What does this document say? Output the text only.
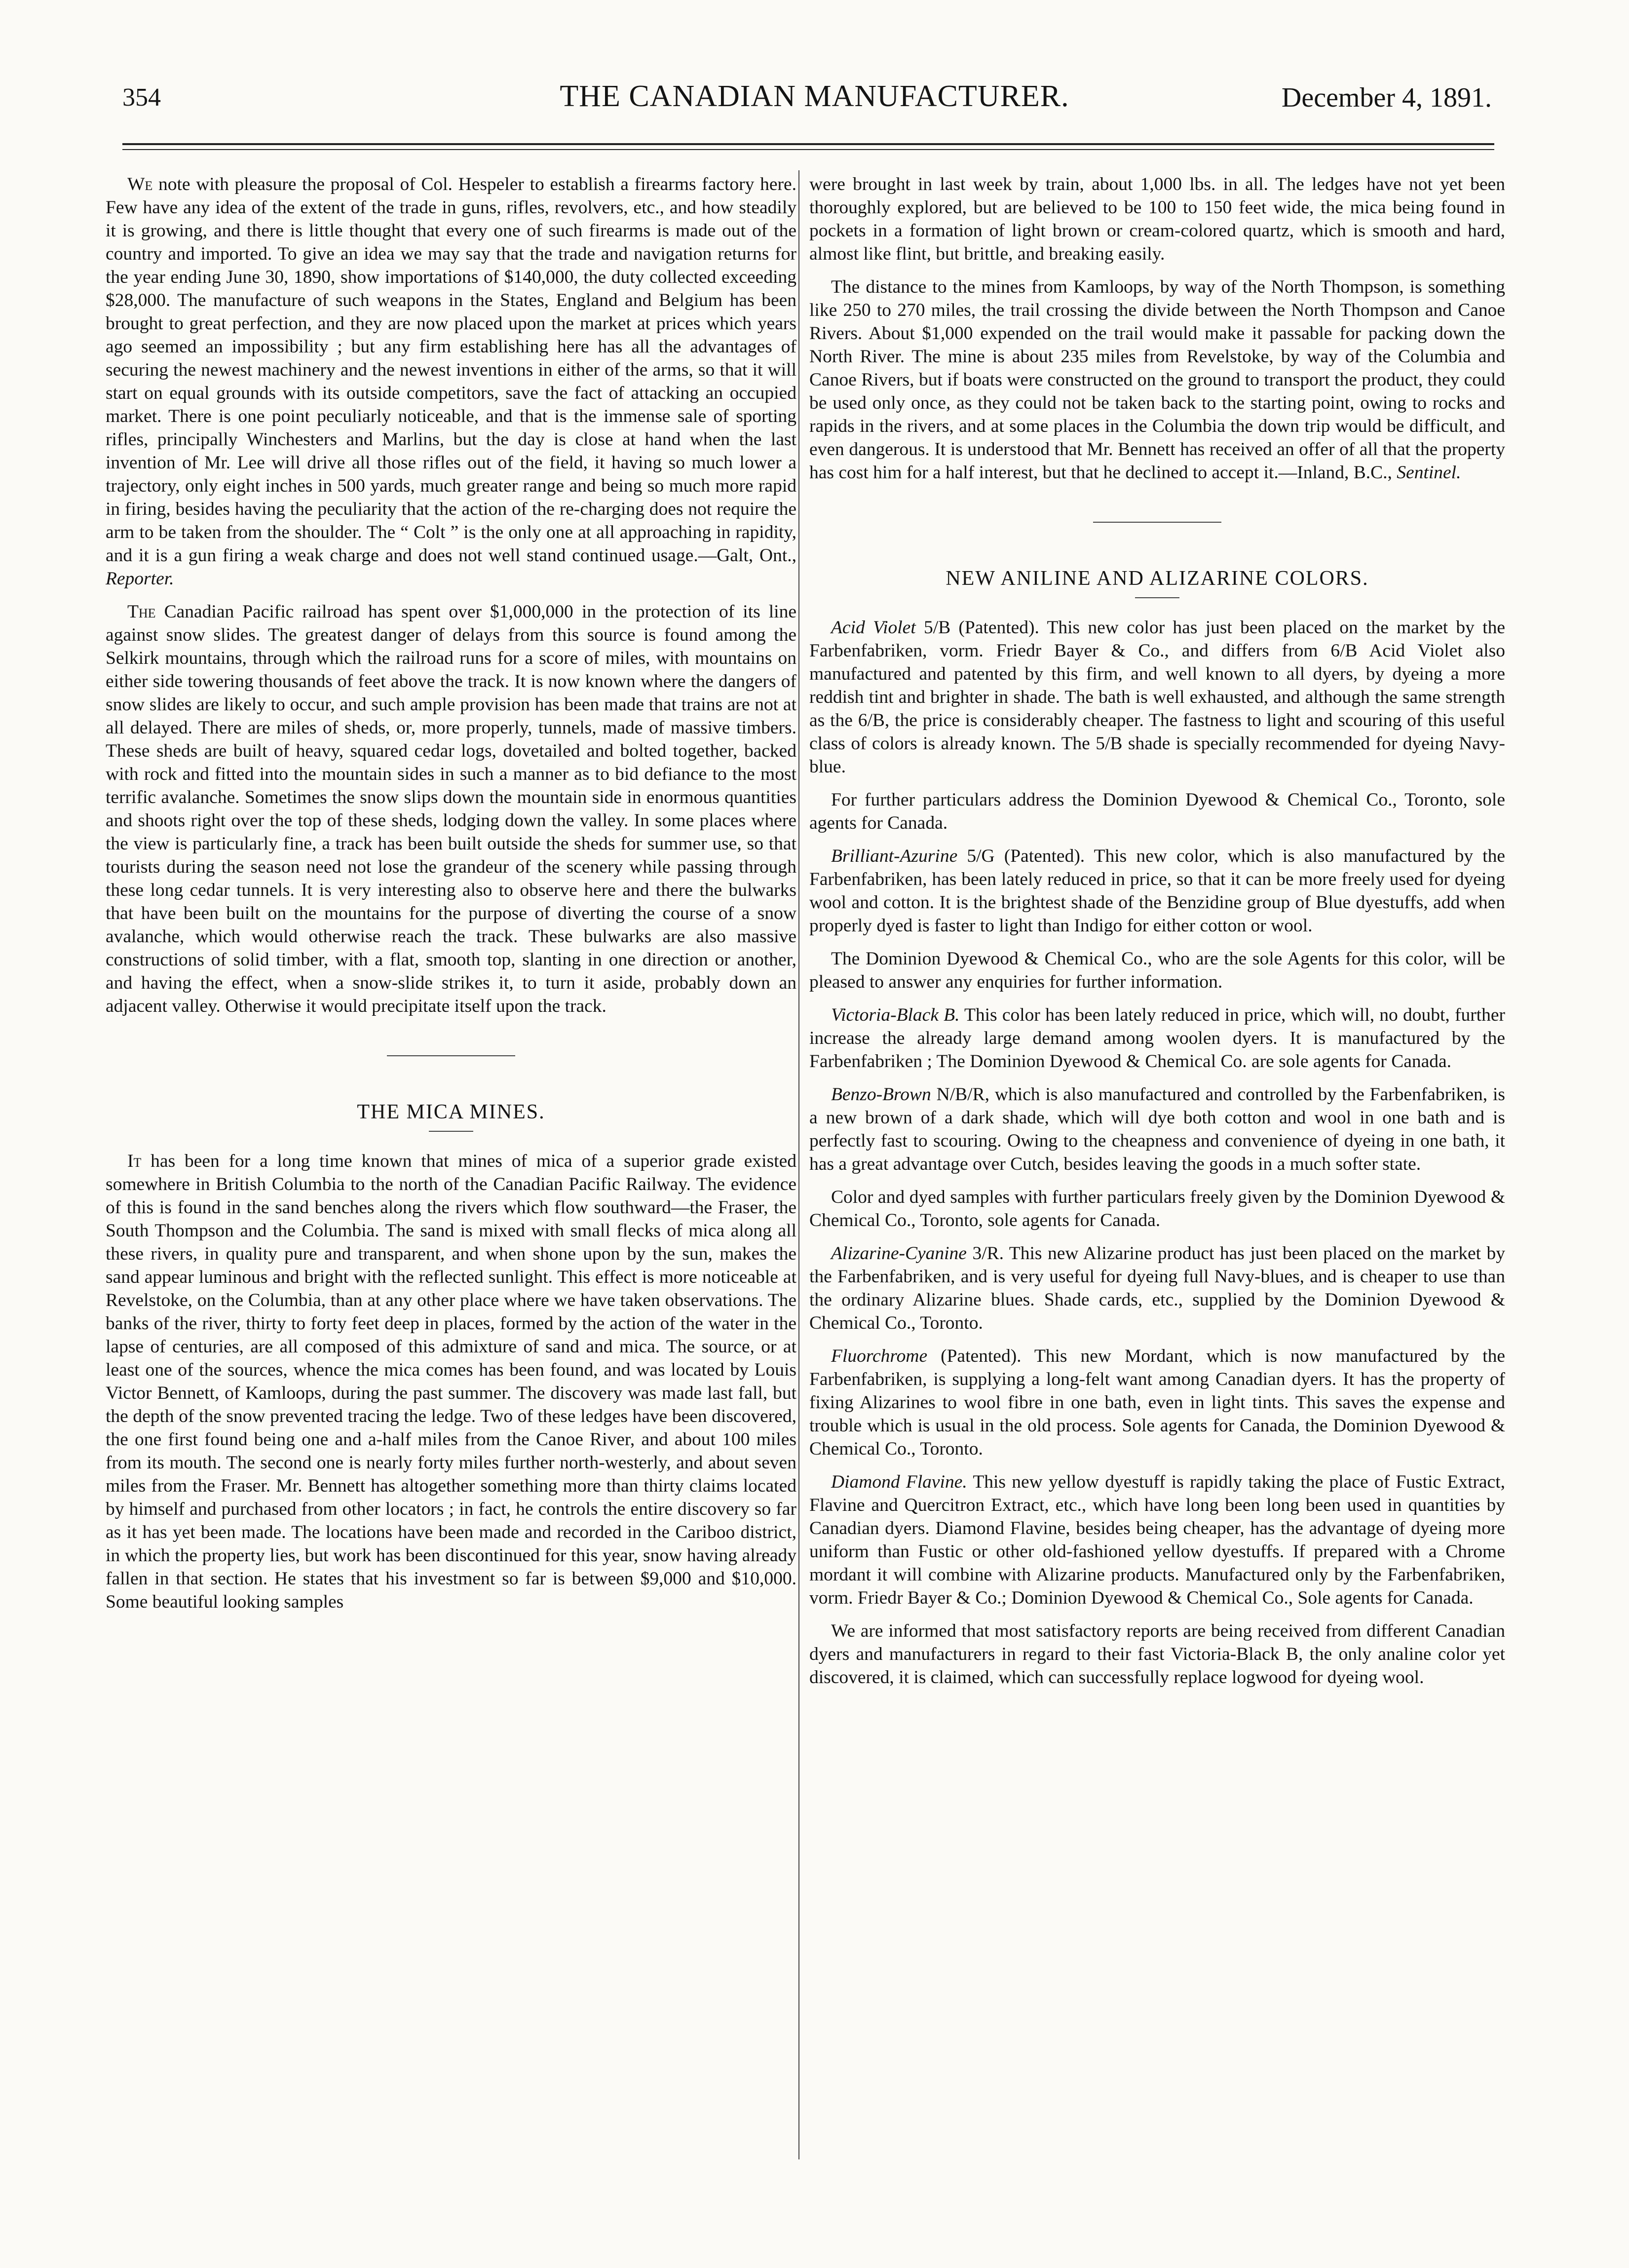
354	THE CANADIAN MANUFACTURER.	December 4, 1891.

We note with pleasure the proposal of Col. Hespeler to establish a firearms factory here. Few have any idea of the extent of the trade in guns, rifles, revolvers, etc., and how steadily it is growing, and there is little thought that every one of such firearms is made out of the country and imported. To give an idea we may say that the trade and navigation returns for the year ending June 30, 1890, show importations of $140,000, the duty collected exceeding $28,000. The manufacture of such weapons in the States, England and Belgium has been brought to great perfection, and they are now placed upon the market at prices which years ago seemed an impossibility ; but any firm establishing here has all the advantages of securing the newest machinery and the newest inventions in either of the arms, so that it will start on equal grounds with its outside competitors, save the fact of attacking an occupied market. There is one point peculiarly noticeable, and that is the immense sale of sporting rifles, principally Winchesters and Marlins, but the day is close at hand when the last invention of Mr. Lee will drive all those rifles out of the field, it having so much lower a trajectory, only eight inches in 500 yards, much greater range and being so much more rapid in firing, besides having the peculiarity that the action of the re-charging does not require the arm to be taken from the shoulder. The “ Colt ” is the only one at all approaching in rapidity, and it is a gun firing a weak charge and does not well stand continued usage.—Galt, Ont., Reporter.

The Canadian Pacific railroad has spent over $1,000,000 in the protection of its line against snow slides. The greatest danger of delays from this source is found among the Selkirk mountains, through which the railroad runs for a score of miles, with mountains on either side towering thousands of feet above the track. It is now known where the dangers of snow slides are likely to occur, and such ample provision has been made that trains are not at all delayed. There are miles of sheds, or, more properly, tunnels, made of massive timbers. These sheds are built of heavy, squared cedar logs, dovetailed and bolted together, backed with rock and fitted into the mountain sides in such a manner as to bid defiance to the most terrific avalanche. Sometimes the snow slips down the mountain side in enormous quantities and shoots right over the top of these sheds, lodging down the valley. In some places where the view is particularly fine, a track has been built outside the sheds for summer use, so that tourists during the season need not lose the grandeur of the scenery while passing through these long cedar tunnels. It is very interesting also to observe here and there the bulwarks that have been built on the mountains for the purpose of diverting the course of a snow avalanche, which would otherwise reach the track. These bulwarks are also massive constructions of solid timber, with a flat, smooth top, slanting in one direction or another, and having the effect, when a snow-slide strikes it, to turn it aside, probably down an adjacent valley. Otherwise it would precipitate itself upon the track.

THE MICA MINES.

It has been for a long time known that mines of mica of a superior grade existed somewhere in British Columbia to the north of the Canadian Pacific Railway. The evidence of this is found in the sand benches along the rivers which flow southward—the Fraser, the South Thompson and the Columbia. The sand is mixed with small flecks of mica along all these rivers, in quality pure and transparent, and when shone upon by the sun, makes the sand appear luminous and bright with the reflected sunlight. This effect is more noticeable at Revelstoke, on the Columbia, than at any other place where we have taken observations. The banks of the river, thirty to forty feet deep in places, formed by the action of the water in the lapse of centuries, are all composed of this admixture of sand and mica. The source, or at least one of the sources, whence the mica comes has been found, and was located by Louis Victor Bennett, of Kamloops, during the past summer. The discovery was made last fall, but the depth of the snow prevented tracing the ledge. Two of these ledges have been discovered, the one first found being one and a-half miles from the Canoe River, and about 100 miles from its mouth. The second one is nearly forty miles further north-westerly, and about seven miles from the Fraser. Mr. Bennett has altogether something more than thirty claims located by himself and purchased from other locators ; in fact, he controls the entire discovery so far as it has yet been made. The locations have been made and recorded in the Cariboo district, in which the property lies, but work has been discontinued for this year, snow having already fallen in that section. He states that his investment so far is between $9,000 and $10,000. Some beautiful looking samples

were brought in last week by train, about 1,000 lbs. in all. The ledges have not yet been thoroughly explored, but are believed to be 100 to 150 feet wide, the mica being found in pockets in a formation of light brown or cream-colored quartz, which is smooth and hard, almost like flint, but brittle, and breaking easily.

The distance to the mines from Kamloops, by way of the North Thompson, is something like 250 to 270 miles, the trail crossing the divide between the North Thompson and Canoe Rivers. About $1,000 expended on the trail would make it passable for packing down the North River. The mine is about 235 miles from Revelstoke, by way of the Columbia and Canoe Rivers, but if boats were constructed on the ground to transport the product, they could be used only once, as they could not be taken back to the starting point, owing to rocks and rapids in the rivers, and at some places in the Columbia the down trip would be difficult, and even dangerous. It is understood that Mr. Bennett has received an offer of all that the property has cost him for a half interest, but that he declined to accept it.—Inland, B.C., Sentinel.

NEW ANILINE AND ALIZARINE COLORS.

Acid Violet 5/B (Patented). This new color has just been placed on the market by the Farbenfabriken, vorm. Friedr Bayer & Co., and differs from 6/B Acid Violet also manufactured and patented by this firm, and well known to all dyers, by dyeing a more reddish tint and brighter in shade. The bath is well exhausted, and although the same strength as the 6/B, the price is considerably cheaper. The fastness to light and scouring of this useful class of colors is already known. The 5/B shade is specially recommended for dyeing Navy-blue.

For further particulars address the Dominion Dyewood & Chemical Co., Toronto, sole agents for Canada.

Brilliant-Azurine 5/G (Patented). This new color, which is also manufactured by the Farbenfabriken, has been lately reduced in price, so that it can be more freely used for dyeing wool and cotton. It is the brightest shade of the Benzidine group of Blue dyestuffs, add when properly dyed is faster to light than Indigo for either cotton or wool.

The Dominion Dyewood & Chemical Co., who are the sole Agents for this color, will be pleased to answer any enquiries for further information.

Victoria-Black B. This color has been lately reduced in price, which will, no doubt, further increase the already large demand among woolen dyers. It is manufactured by the Farbenfabriken ; The Dominion Dyewood & Chemical Co. are sole agents for Canada.

Benzo-Brown N/B/R, which is also manufactured and controlled by the Farbenfabriken, is a new brown of a dark shade, which will dye both cotton and wool in one bath and is perfectly fast to scouring. Owing to the cheapness and convenience of dyeing in one bath, it has a great advantage over Cutch, besides leaving the goods in a much softer state.

Color and dyed samples with further particulars freely given by the Dominion Dyewood & Chemical Co., Toronto, sole agents for Canada.

Alizarine-Cyanine 3/R. This new Alizarine product has just been placed on the market by the Farbenfabriken, and is very useful for dyeing full Navy-blues, and is cheaper to use than the ordinary Alizarine blues. Shade cards, etc., supplied by the Dominion Dyewood & Chemical Co., Toronto.

Fluorchrome (Patented). This new Mordant, which is now manufactured by the Farbenfabriken, is supplying a long-felt want among Canadian dyers. It has the property of fixing Alizarines to wool fibre in one bath, even in light tints. This saves the expense and trouble which is usual in the old process. Sole agents for Canada, the Dominion Dyewood & Chemical Co., Toronto.

Diamond Flavine. This new yellow dyestuff is rapidly taking the place of Fustic Extract, Flavine and Quercitron Extract, etc., which have long been long been used in quantities by Canadian dyers. Diamond Flavine, besides being cheaper, has the advantage of dyeing more uniform than Fustic or other old-fashioned yellow dyestuffs. If prepared with a Chrome mordant it will combine with Alizarine products. Manufactured only by the Farbenfabriken, vorm. Friedr Bayer & Co.; Dominion Dyewood & Chemical Co., Sole agents for Canada.

We are informed that most satisfactory reports are being received from different Canadian dyers and manufacturers in regard to their fast Victoria-Black B, the only analine color yet discovered, it is claimed, which can successfully replace logwood for dyeing wool.
